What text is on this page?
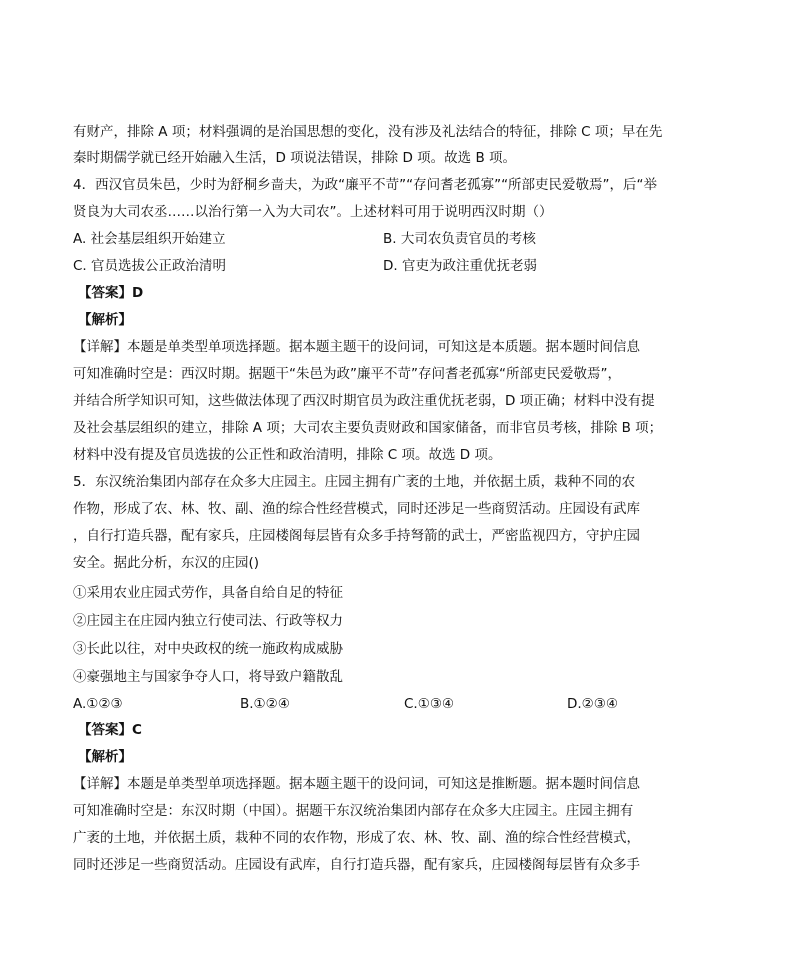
有财产，排除 A 项；材料强调的是治国思想的变化，没有涉及礼法结合的特征，排除 C 项；早在先
秦时期儒学就已经开始融入生活，D 项说法错误，排除 D 项。故选 B 项。
4．西汉官员朱邑，少时为舒桐乡啬夫，为政“廉平不苛”“存问耆老孤寡”“所部吏民爱敬焉”，后“举
贤良为大司农丞……以治行第一入为大司农”。上述材料可用于说明西汉时期（）
A. 社会基层组织开始建立	B. 大司农负责官员的考核
C. 官员选拔公正政治清明	D. 官吏为政注重优抚老弱
【答案】D
【解析】
【详解】本题是单类型单项选择题。据本题主题干的设问词，可知这是本质题。据本题时间信息
可知准确时空是：西汉时期。据题干“朱邑为政”廉平不苛”存问耆老孤寡“所部吏民爱敬焉”，
并结合所学知识可知，这些做法体现了西汉时期官员为政注重优抚老弱，D 项正确；材料中没有提
及社会基层组织的建立，排除 A 项；大司农主要负责财政和国家储备，而非官员考核，排除 B 项；
材料中没有提及官员选拔的公正性和政治清明，排除 C 项。故选 D 项。
5．东汉统治集团内部存在众多大庄园主。庄园主拥有广袤的土地，并依据土质，栽种不同的农
作物，形成了农、林、牧、副、渔的综合性经营模式，同时还涉足一些商贸活动。庄园设有武库
，自行打造兵器，配有家兵，庄园楼阁每层皆有众多手持弩箭的武士，严密监视四方，守护庄园
安全。据此分析，东汉的庄园()
①采用农业庄园式劳作，具备自给自足的特征
②庄园主在庄园内独立行使司法、行政等权力
③长此以往，对中央政权的统一施政构成威胁
④豪强地主与国家争夺人口，将导致户籍散乱
A.①②③	B.①②④	C.①③④	D.②③④
【答案】C
【解析】
【详解】本题是单类型单项选择题。据本题主题干的设问词，可知这是推断题。据本题时间信息
可知准确时空是：东汉时期（中国）。据题干东汉统治集团内部存在众多大庄园主。庄园主拥有
广袤的土地，并依据土质，栽种不同的农作物，形成了农、林、牧、副、渔的综合性经营模式，
同时还涉足一些商贸活动。庄园设有武库，自行打造兵器，配有家兵，庄园楼阁每层皆有众多手
